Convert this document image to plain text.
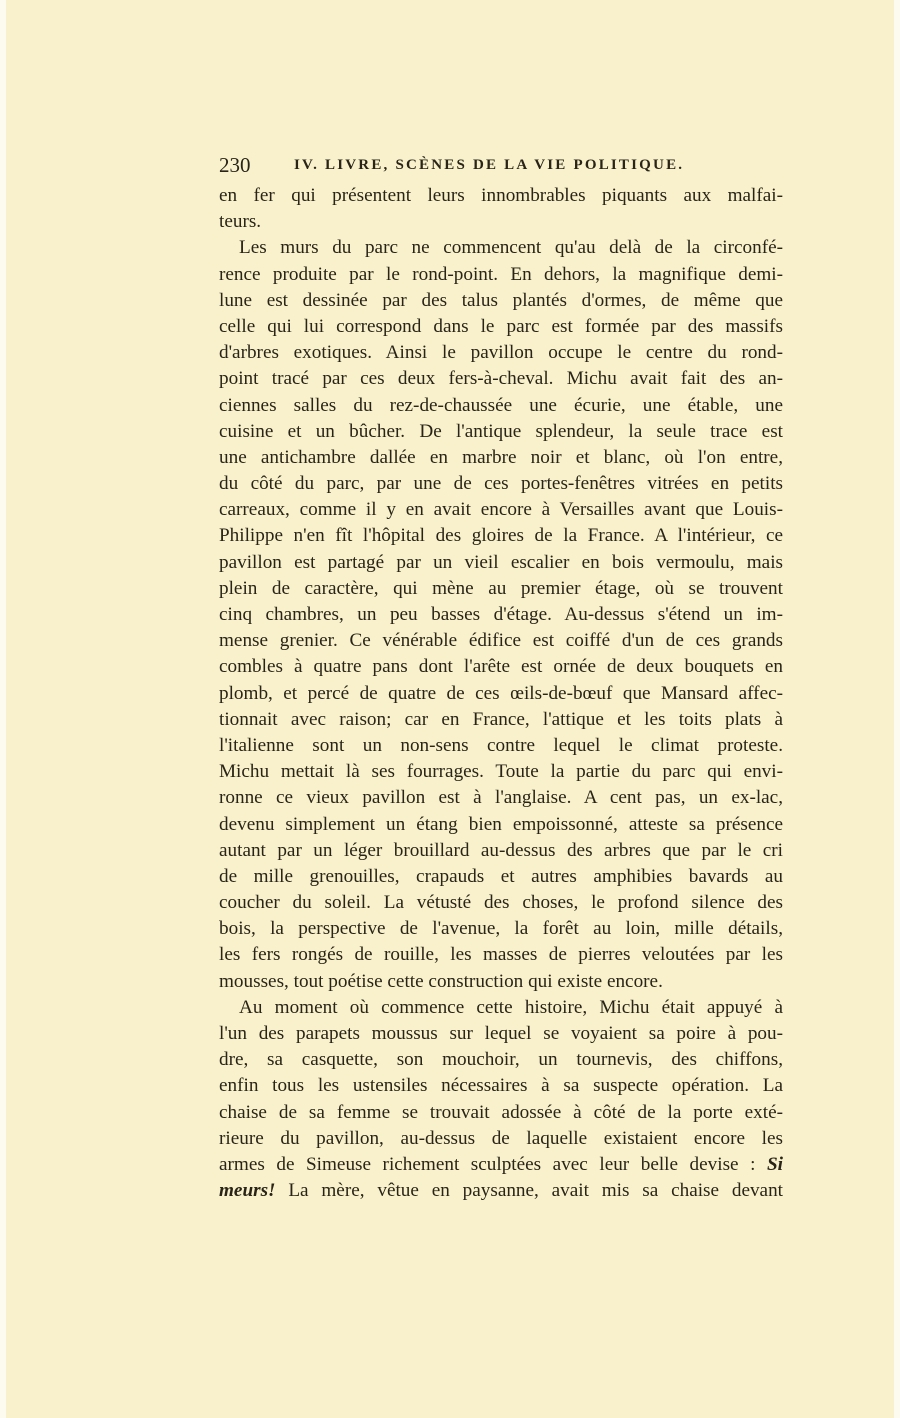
230	IV. LIVRE, SCÈNES DE LA VIE POLITIQUE.
en fer qui présentent leurs innombrables piquants aux malfai-
teurs.
Les murs du parc ne commencent qu'au delà de la circonfé-
rence produite par le rond-point. En dehors, la magnifique demi-
lune est dessinée par des talus plantés d'ormes, de même que
celle qui lui correspond dans le parc est formée par des massifs
d'arbres exotiques. Ainsi le pavillon occupe le centre du rond-
point tracé par ces deux fers-à-cheval. Michu avait fait des an-
ciennes salles du rez-de-chaussée une écurie, une étable, une
cuisine et un bûcher. De l'antique splendeur, la seule trace est
une antichambre dallée en marbre noir et blanc, où l'on entre,
du côté du parc, par une de ces portes-fenêtres vitrées en petits
carreaux, comme il y en avait encore à Versailles avant que Louis-
Philippe n'en fît l'hôpital des gloires de la France. A l'intérieur, ce
pavillon est partagé par un vieil escalier en bois vermoulu, mais
plein de caractère, qui mène au premier étage, où se trouvent
cinq chambres, un peu basses d'étage. Au-dessus s'étend un im-
mense grenier. Ce vénérable édifice est coiffé d'un de ces grands
combles à quatre pans dont l'arête est ornée de deux bouquets en
plomb, et percé de quatre de ces œils-de-bœuf que Mansard affec-
tionnait avec raison; car en France, l'attique et les toits plats à
l'italienne sont un non-sens contre lequel le climat proteste.
Michu mettait là ses fourrages. Toute la partie du parc qui envi-
ronne ce vieux pavillon est à l'anglaise. A cent pas, un ex-lac,
devenu simplement un étang bien empoissonné, atteste sa présence
autant par un léger brouillard au-dessus des arbres que par le cri
de mille grenouilles, crapauds et autres amphibies bavards au
coucher du soleil. La vétusté des choses, le profond silence des
bois, la perspective de l'avenue, la forêt au loin, mille détails,
les fers rongés de rouille, les masses de pierres veloutées par les
mousses, tout poétise cette construction qui existe encore.
Au moment où commence cette histoire, Michu était appuyé à
l'un des parapets moussus sur lequel se voyaient sa poire à pou-
dre, sa casquette, son mouchoir, un tournevis, des chiffons,
enfin tous les ustensiles nécessaires à sa suspecte opération. La
chaise de sa femme se trouvait adossée à côté de la porte exté-
rieure du pavillon, au-dessus de laquelle existaient encore les
armes de Simeuse richement sculptées avec leur belle devise : Si
meurs! La mère, vêtue en paysanne, avait mis sa chaise devant
